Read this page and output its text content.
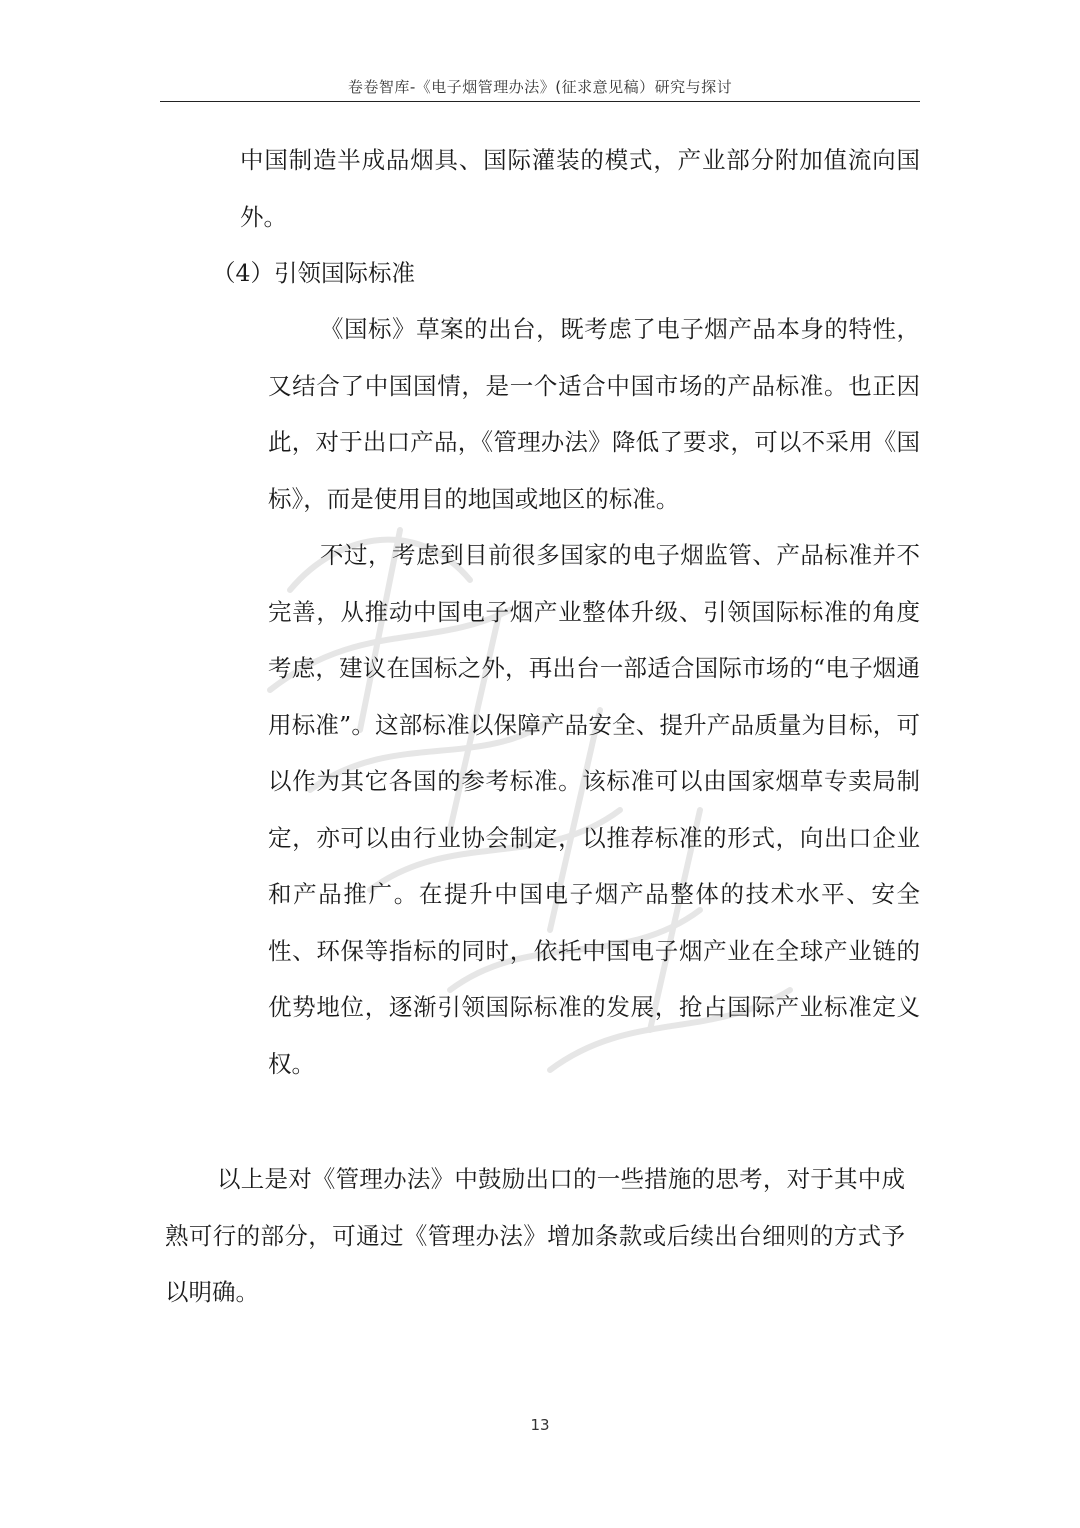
卷卷智库-《电子烟管理办法》(征求意见稿）研究与探讨

中国制造半成品烟具、国际灌装的模式，产业部分附加值流向国外。

（4）引领国际标准

《国标》草案的出台，既考虑了电子烟产品本身的特性，又结合了中国国情，是一个适合中国市场的产品标准。也正因此，对于出口产品，《管理办法》降低了要求，可以不采用《国标》，而是使用目的地国或地区的标准。

不过，考虑到目前很多国家的电子烟监管、产品标准并不完善，从推动中国电子烟产业整体升级、引领国际标准的角度考虑，建议在国标之外，再出台一部适合国际市场的“电子烟通用标准”。这部标准以保障产品安全、提升产品质量为目标，可以作为其它各国的参考标准。该标准可以由国家烟草专卖局制定，亦可以由行业协会制定，以推荐标准的形式，向出口企业和产品推广。在提升中国电子烟产品整体的技术水平、安全性、环保等指标的同时，依托中国电子烟产业在全球产业链的优势地位，逐渐引领国际标准的发展，抢占国际产业标准定义权。

以上是对《管理办法》中鼓励出口的一些措施的思考，对于其中成熟可行的部分，可通过《管理办法》增加条款或后续出台细则的方式予以明确。

13
